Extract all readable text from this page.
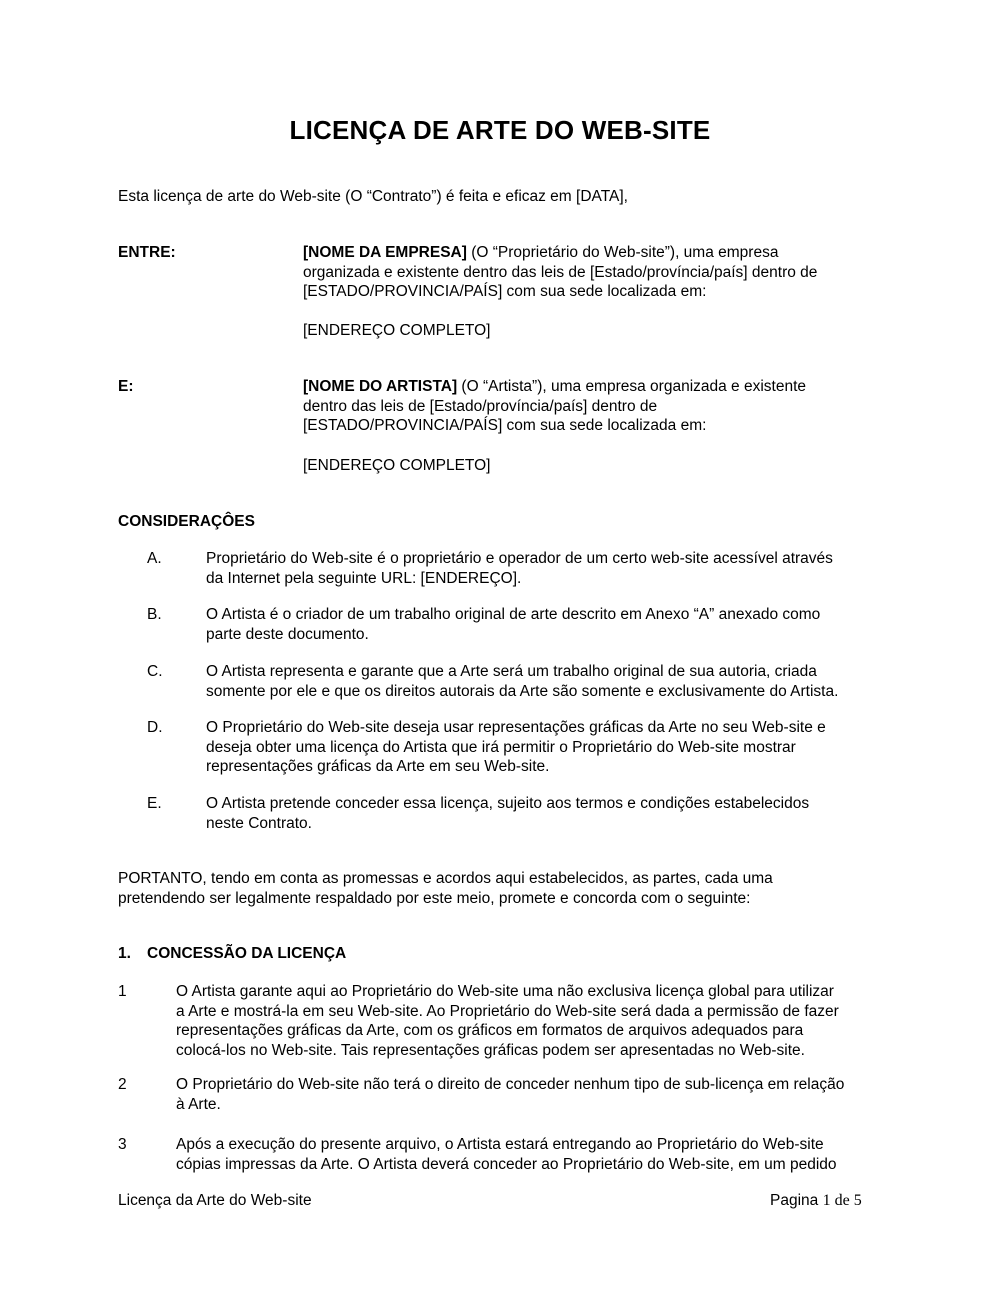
LICENÇA DE ARTE DO WEB-SITE
Esta licença de arte do Web-site (O “Contrato”) é feita e eficaz em [DATA],
ENTRE:	[NOME DA EMPRESA] (O “Proprietário do Web-site”), uma empresa
organizada e existente dentro das leis de [Estado/província/país] dentro de
[ESTADO/PROVINCIA/PAÍS] com sua sede localizada em:
[ENDEREÇO COMPLETO]
E:	[NOME DO ARTISTA] (O “Artista”), uma empresa organizada e existente
dentro das leis de [Estado/província/país] dentro de
[ESTADO/PROVINCIA/PAÍS] com sua sede localizada em:
[ENDEREÇO COMPLETO]
CONSIDERAÇÔES
A.	Proprietário do Web-site é o proprietário e operador de um certo web-site acessível através
da Internet pela seguinte URL: [ENDEREÇO].
B.	O Artista é o criador de um trabalho original de arte descrito em Anexo “A” anexado como
parte deste documento.
C.	O Artista representa e garante que a Arte será um trabalho original de sua autoria, criada
somente por ele e que os direitos autorais da Arte são somente e exclusivamente do Artista.
D.	O Proprietário do Web-site deseja usar representações gráficas da Arte no seu Web-site e
deseja obter uma licença do Artista que irá permitir o Proprietário do Web-site mostrar
representações gráficas da Arte em seu Web-site.
E.	O Artista pretende conceder essa licença, sujeito aos termos e condições estabelecidos
neste Contrato.
PORTANTO, tendo em conta as promessas e acordos aqui estabelecidos, as partes, cada uma
pretendendo ser legalmente respaldado por este meio, promete e concorda com o seguinte:
1. CONCESSÃO DA LICENÇA
1	O Artista garante aqui ao Proprietário do Web-site uma não exclusiva licença global para utilizar
a Arte e mostrá-la em seu Web-site. Ao Proprietário do Web-site será dada a permissão de fazer
representações gráficas da Arte, com os gráficos em formatos de arquivos adequados para
colocá-los no Web-site. Tais representações gráficas podem ser apresentadas no Web-site.
2	O Proprietário do Web-site não terá o direito de conceder nenhum tipo de sub-licença em relação
à Arte.
3	Após a execução do presente arquivo, o Artista estará entregando ao Proprietário do Web-site
cópias impressas da Arte. O Artista deverá conceder ao Proprietário do Web-site, em um pedido
Licença da Arte do Web-site	Pagina 1 de 5
